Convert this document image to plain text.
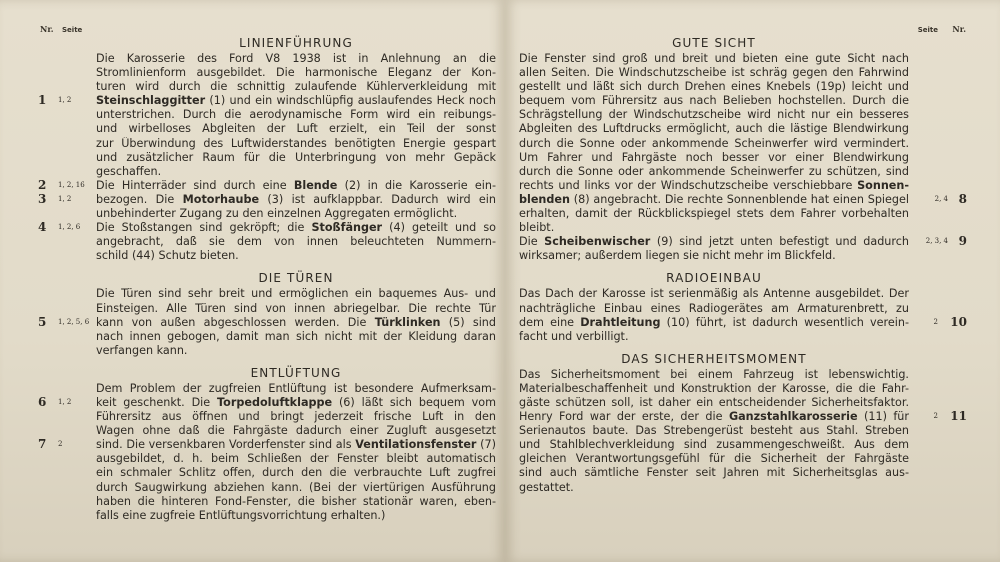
Nr. Seite	Seite Nr.
LINIENFÜHRUNG
Die Karosserie des Ford V8 1938 ist in Anlehnung an die
Stromlinienform ausgebildet. Die harmonische Eleganz der Kon-
turen wird durch die schnittig zulaufende Kühlerverkleidung mit
Steinschlaggitter (1) und ein windschlüpfig auslaufendes Heck noch
unterstrichen. Durch die aerodynamische Form wird ein reibungs-
und wirbelloses Abgleiten der Luft erzielt, ein Teil der sonst
zur Überwindung des Luftwiderstandes benötigten Energie gespart
und zusätzlicher Raum für die Unterbringung von mehr Gepäck
geschaffen.
Die Hinterräder sind durch eine Blende (2) in die Karosserie ein-
bezogen. Die Motorhaube (3) ist aufklappbar. Dadurch wird ein
unbehinderter Zugang zu den einzelnen Aggregaten ermöglicht.
Die Stoßstangen sind gekröpft; die Stoßfänger (4) geteilt und so
angebracht, daß sie dem von innen beleuchteten Nummern-
schild (44) Schutz bieten.
DIE TÜREN
Die Türen sind sehr breit und ermöglichen ein baquemes Aus- und
Einsteigen. Alle Türen sind von innen abriegelbar. Die rechte Tür
kann von außen abgeschlossen werden. Die Türklinken (5) sind
nach innen gebogen, damit man sich nicht mit der Kleidung daran
verfangen kann.
ENTLÜFTUNG
Dem Problem der zugfreien Entlüftung ist besondere Aufmerksam-
keit geschenkt. Die Torpedoluftklappe (6) läßt sich bequem vom
Führersitz aus öffnen und bringt jederzeit frische Luft in den
Wagen ohne daß die Fahrgäste dadurch einer Zugluft ausgesetzt
sind. Die versenkbaren Vorderfenster sind als Ventilationsfenster (7)
ausgebildet, d. h. beim Schließen der Fenster bleibt automatisch
ein schmaler Schlitz offen, durch den die verbrauchte Luft zugfrei
durch Saugwirkung abziehen kann. (Bei der viertürigen Ausführung
haben die hinteren Fond-Fenster, die bisher stationär waren, eben-
falls eine zugfreie Entlüftungsvorrichtung erhalten.)
GUTE SICHT
Die Fenster sind groß und breit und bieten eine gute Sicht nach
allen Seiten. Die Windschutzscheibe ist schräg gegen den Fahrwind
gestellt und läßt sich durch Drehen eines Knebels (19p) leicht und
bequem vom Führersitz aus nach Belieben hochstellen. Durch die
Schrägstellung der Windschutzscheibe wird nicht nur ein besseres
Abgleiten des Luftdrucks ermöglicht, auch die lästige Blendwirkung
durch die Sonne oder ankommende Scheinwerfer wird vermindert.
Um Fahrer und Fahrgäste noch besser vor einer Blendwirkung
durch die Sonne oder ankommende Scheinwerfer zu schützen, sind
rechts und links vor der Windschutzscheibe verschiebbare Sonnen-
blenden (8) angebracht. Die rechte Sonnenblende hat einen Spiegel
erhalten, damit der Rückblickspiegel stets dem Fahrer vorbehalten
bleibt.
Die Scheibenwischer (9) sind jetzt unten befestigt und dadurch
wirksamer; außerdem liegen sie nicht mehr im Blickfeld.
RADIOEINBAU
Das Dach der Karosse ist serienmäßig als Antenne ausgebildet. Der
nachträgliche Einbau eines Radiogerätes am Armaturenbrett, zu
dem eine Drahtleitung (10) führt, ist dadurch wesentlich verein-
facht und verbilligt.
DAS SICHERHEITSMOMENT
Das Sicherheitsmoment bei einem Fahrzeug ist lebenswichtig.
Materialbeschaffenheit und Konstruktion der Karosse, die die Fahr-
gäste schützen soll, ist daher ein entscheidender Sicherheitsfaktor.
Henry Ford war der erste, der die Ganzstahlkarosserie (11) für
Serienautos baute. Das Strebengerüst besteht aus Stahl. Streben
und Stahlblechverkleidung sind zusammengeschweißt. Aus dem
gleichen Verantwortungsgefühl für die Sicherheit der Fahrgäste
sind auch sämtliche Fenster seit Jahren mit Sicherheitsglas aus-
gestattet.
1 1, 2
2 1, 2, 16
3 1, 2
4 1, 2, 6
5 1, 2, 5, 6
6 1, 2
7 2
2, 4 8
2, 3, 4 9
2 10
2 11
